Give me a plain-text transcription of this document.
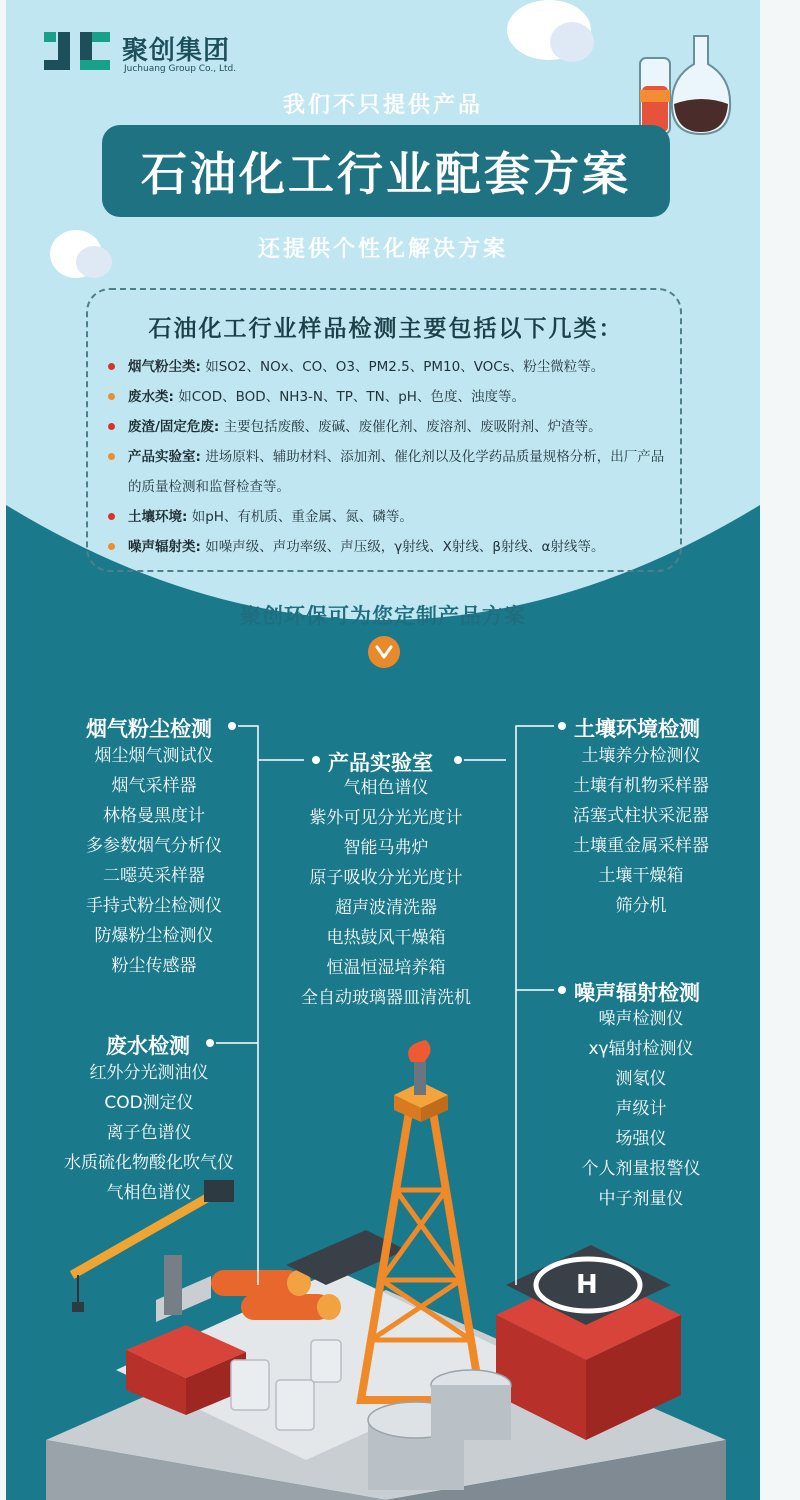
聚创集团
Juchuang Group Co., Ltd.
我们不只提供产品
石油化工行业配套方案
还提供个性化解决方案
石油化工行业样品检测主要包括以下几类：
烟气粉尘类: 如SO2、NOx、CO、O3、PM2.5、PM10、VOCs、粉尘微粒等。
废水类: 如COD、BOD、NH3-N、TP、TN、pH、色度、浊度等。
废渣/固定危废: 主要包括废酸、废碱、废催化剂、废溶剂、废吸附剂、炉渣等。
产品实验室: 进场原料、辅助材料、添加剂、催化剂以及化学药品质量规格分析，出厂产品的质量检测和监督检查等。
土壤环境: 如pH、有机质、重金属、氮、磷等。
噪声辐射类: 如噪声级、声功率级、声压级，γ射线、X射线、β射线、α射线等。
聚创环保可为您定制产品方案
烟气粉尘检测
烟尘烟气测试仪
烟气采样器
林格曼黑度计
多参数烟气分析仪
二噁英采样器
手持式粉尘检测仪
防爆粉尘检测仪
粉尘传感器
废水检测
红外分光测油仪
COD测定仪
离子色谱仪
水质硫化物酸化吹气仪
气相色谱仪
产品实验室
气相色谱仪
紫外可见分光光度计
智能马弗炉
原子吸收分光光度计
超声波清洗器
电热鼓风干燥箱
恒温恒湿培养箱
全自动玻璃器皿清洗机
土壤环境检测
土壤养分检测仪
土壤有机物采样器
活塞式柱状采泥器
土壤重金属采样器
土壤干燥箱
筛分机
噪声辐射检测
噪声检测仪
xγ辐射检测仪
测氡仪
声级计
场强仪
个人剂量报警仪
中子剂量仪
H
